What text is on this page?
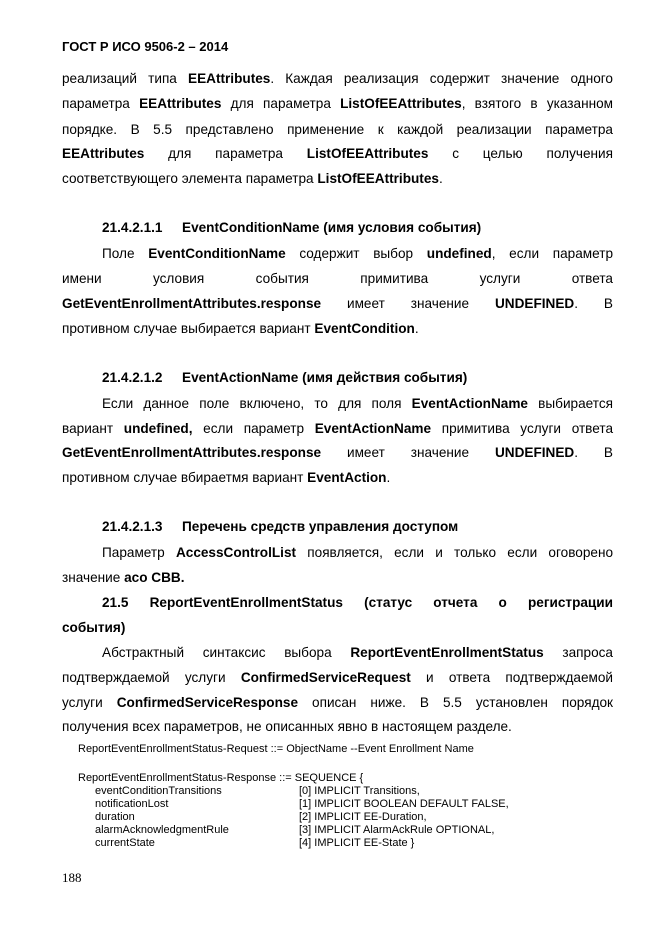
ГОСТ Р ИСО 9506-2 – 2014
реализаций типа EEAttributes. Каждая реализация содержит значение одного
параметра EEAttributes для параметра ListOfEEAttributes, взятого в указанном
порядке. В 5.5 представлено применение к каждой реализации параметра
EEAttributes для параметра ListOfEEAttributes с целью получения
соответствующего элемента параметра ListOfEEAttributes.
21.4.2.1.1 EventConditionName (имя условия события)
Поле EventConditionName содержит выбор undefined, если параметр
имени условия события примитива услуги ответа
GetEventEnrollmentAttributes.response имеет значение UNDEFINED. В
противном случае выбирается вариант EventCondition.
21.4.2.1.2 EventActionName (имя действия события)
Если данное поле включено, то для поля EventActionName выбирается
вариант undefined, если параметр EventActionName примитива услуги ответа
GetEventEnrollmentAttributes.response имеет значение UNDEFINED. В
противном случае вбираетмя вариант EventAction.
21.4.2.1.3 Перечень средств управления доступом
Параметр AccessControlList появляется, если и только если оговорено
значение aco CBB.
21.5 ReportEventEnrollmentStatus (статус отчета о регистрации
события)
Абстрактный синтаксис выбора ReportEventEnrollmentStatus запроса
подтверждаемой услуги ConfirmedServiceRequest и ответа подтверждаемой
услуги ConfirmedServiceResponse описан ниже. В 5.5 установлен порядок
получения всех параметров, не описанных явно в настоящем разделе.
ReportEventEnrollmentStatus-Request ::= ObjectName --Event Enrollment Name
ReportEventEnrollmentStatus-Response ::= SEQUENCE {
eventConditionTransitions	[0] IMPLICIT Transitions,
notificationLost	[1] IMPLICIT BOOLEAN DEFAULT FALSE,
duration	[2] IMPLICIT EE-Duration,
alarmAcknowledgmentRule	[3] IMPLICIT AlarmAckRule OPTIONAL,
currentState	[4] IMPLICIT EE-State }
188
